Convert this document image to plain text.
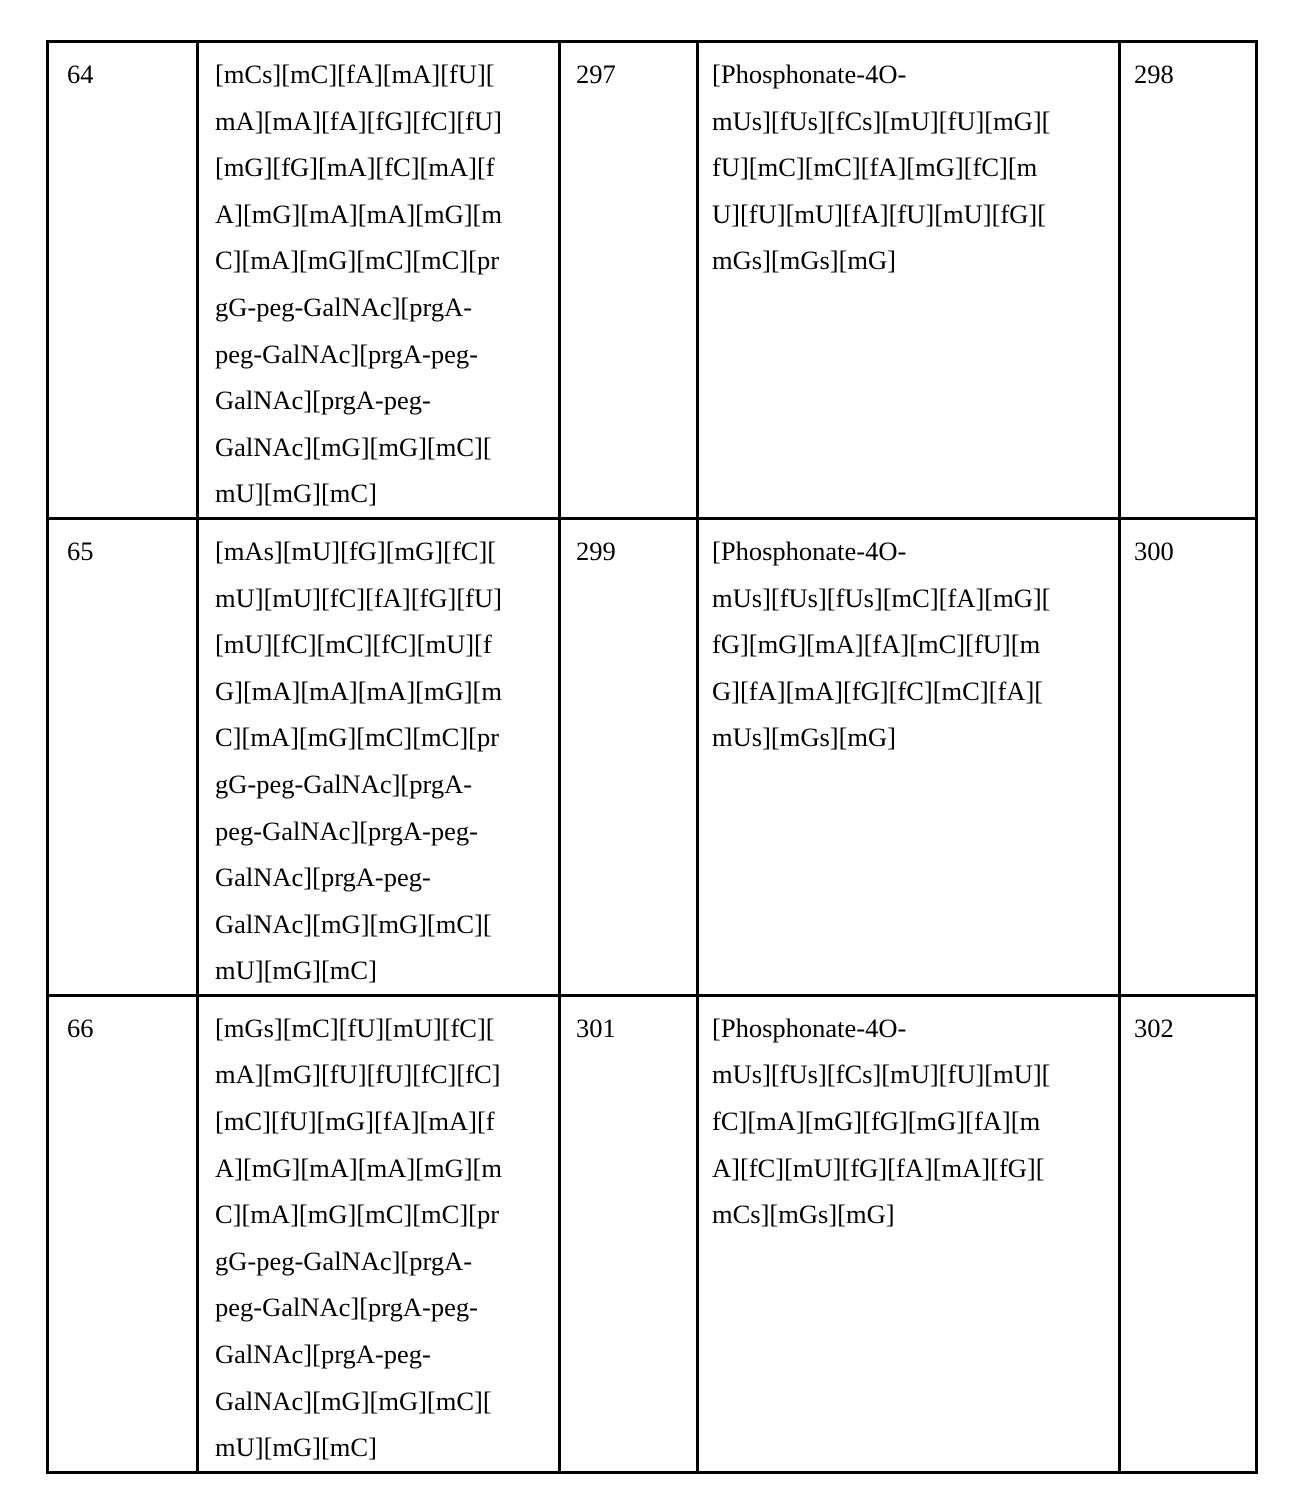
64	[mCs][mC][fA][mA][fU][
mA][mA][fA][fG][fC][fU]
[mG][fG][mA][fC][mA][f
A][mG][mA][mA][mG][m
C][mA][mG][mC][mC][pr
gG-peg-GalNAc][prgA-
peg-GalNAc][prgA-peg-
GalNAc][prgA-peg-
GalNAc][mG][mG][mC][
mU][mG][mC]

297	[Phosphonate-4O-
mUs][fUs][fCs][mU][fU][mG][
fU][mC][mC][fA][mG][fC][m
U][fU][mU][fA][fU][mU][fG][
mGs][mGs][mG]

298

65	[mAs][mU][fG][mG][fC][
mU][mU][fC][fA][fG][fU]
[mU][fC][mC][fC][mU][f
G][mA][mA][mA][mG][m
C][mA][mG][mC][mC][pr
gG-peg-GalNAc][prgA-
peg-GalNAc][prgA-peg-
GalNAc][prgA-peg-
GalNAc][mG][mG][mC][
mU][mG][mC]

299	[Phosphonate-4O-
mUs][fUs][fUs][mC][fA][mG][
fG][mG][mA][fA][mC][fU][m
G][fA][mA][fG][fC][mC][fA][
mUs][mGs][mG]

300

66	[mGs][mC][fU][mU][fC][
mA][mG][fU][fU][fC][fC]
[mC][fU][mG][fA][mA][f
A][mG][mA][mA][mG][m
C][mA][mG][mC][mC][pr
gG-peg-GalNAc][prgA-
peg-GalNAc][prgA-peg-
GalNAc][prgA-peg-
GalNAc][mG][mG][mC][
mU][mG][mC]

301	[Phosphonate-4O-
mUs][fUs][fCs][mU][fU][mU][
fC][mA][mG][fG][mG][fA][m
A][fC][mU][fG][fA][mA][fG][
mCs][mGs][mG]

302
